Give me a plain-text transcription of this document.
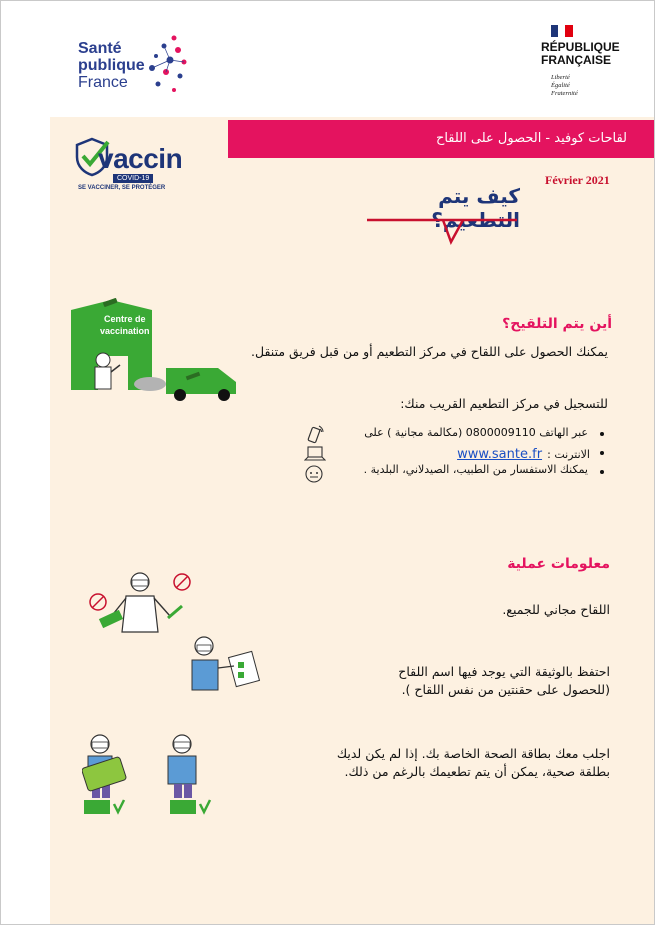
Santé
publique
France
RÉPUBLIQUE
FRANÇAISE
Liberté
Égalité
Fraternité
لقاحات كوفيد - الحصول على اللقاح
vaccin
COVID-19
SE VACCINER, SE PROTÉGER
Février 2021
كيف يتم التطعيم؟
Centre de
vaccination	أين يتم التلقيح؟
يمكنك الحصول على اللقاح في مركز التطعيم أو من قبل فريق متنقل.
للتسجيل في مركز التطعيم القريب منك:
عبر الهاتف 0800009110 (مكالمة مجانية ) على
الانترنت : www.sante.fr
يمكنك الاستفسار من الطبيب، الصيدلاني، البلدية .
معلومات عملية
اللقاح مجاني للجميع.
احتفظ بالوثيقة التي يوجد فيها اسم اللقاح
(للحصول على حقنتين من نفس اللقاح ).
اجلب معك بطاقة الصحة الخاصة بك. إذا لم يكن لديك
بطلقة صحية، يمكن أن يتم تطعيمك بالرغم من ذلك.
